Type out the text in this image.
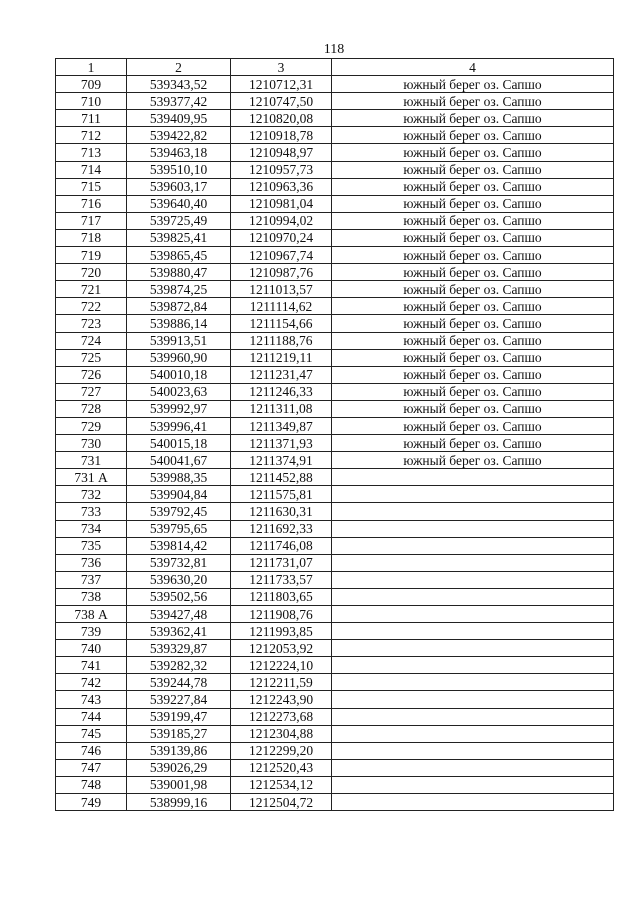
118
1	2	3	4
709	539343,52	1210712,31	южный берег оз. Сапшо
710	539377,42	1210747,50	южный берег оз. Сапшо
711	539409,95	1210820,08	южный берег оз. Сапшо
712	539422,82	1210918,78	южный берег оз. Сапшо
713	539463,18	1210948,97	южный берег оз. Сапшо
714	539510,10	1210957,73	южный берег оз. Сапшо
715	539603,17	1210963,36	южный берег оз. Сапшо
716	539640,40	1210981,04	южный берег оз. Сапшо
717	539725,49	1210994,02	южный берег оз. Сапшо
718	539825,41	1210970,24	южный берег оз. Сапшо
719	539865,45	1210967,74	южный берег оз. Сапшо
720	539880,47	1210987,76	южный берег оз. Сапшо
721	539874,25	1211013,57	южный берег оз. Сапшо
722	539872,84	1211114,62	южный берег оз. Сапшо
723	539886,14	1211154,66	южный берег оз. Сапшо
724	539913,51	1211188,76	южный берег оз. Сапшо
725	539960,90	1211219,11	южный берег оз. Сапшо
726	540010,18	1211231,47	южный берег оз. Сапшо
727	540023,63	1211246,33	южный берег оз. Сапшо
728	539992,97	1211311,08	южный берег оз. Сапшо
729	539996,41	1211349,87	южный берег оз. Сапшо
730	540015,18	1211371,93	южный берег оз. Сапшо
731	540041,67	1211374,91	южный берег оз. Сапшо
731 А	539988,35	1211452,88	
732	539904,84	1211575,81	
733	539792,45	1211630,31	
734	539795,65	1211692,33	
735	539814,42	1211746,08	
736	539732,81	1211731,07	
737	539630,20	1211733,57	
738	539502,56	1211803,65	
738 А	539427,48	1211908,76	
739	539362,41	1211993,85	
740	539329,87	1212053,92	
741	539282,32	1212224,10	
742	539244,78	1212211,59	
743	539227,84	1212243,90	
744	539199,47	1212273,68	
745	539185,27	1212304,88	
746	539139,86	1212299,20	
747	539026,29	1212520,43	
748	539001,98	1212534,12	
749	538999,16	1212504,72	
